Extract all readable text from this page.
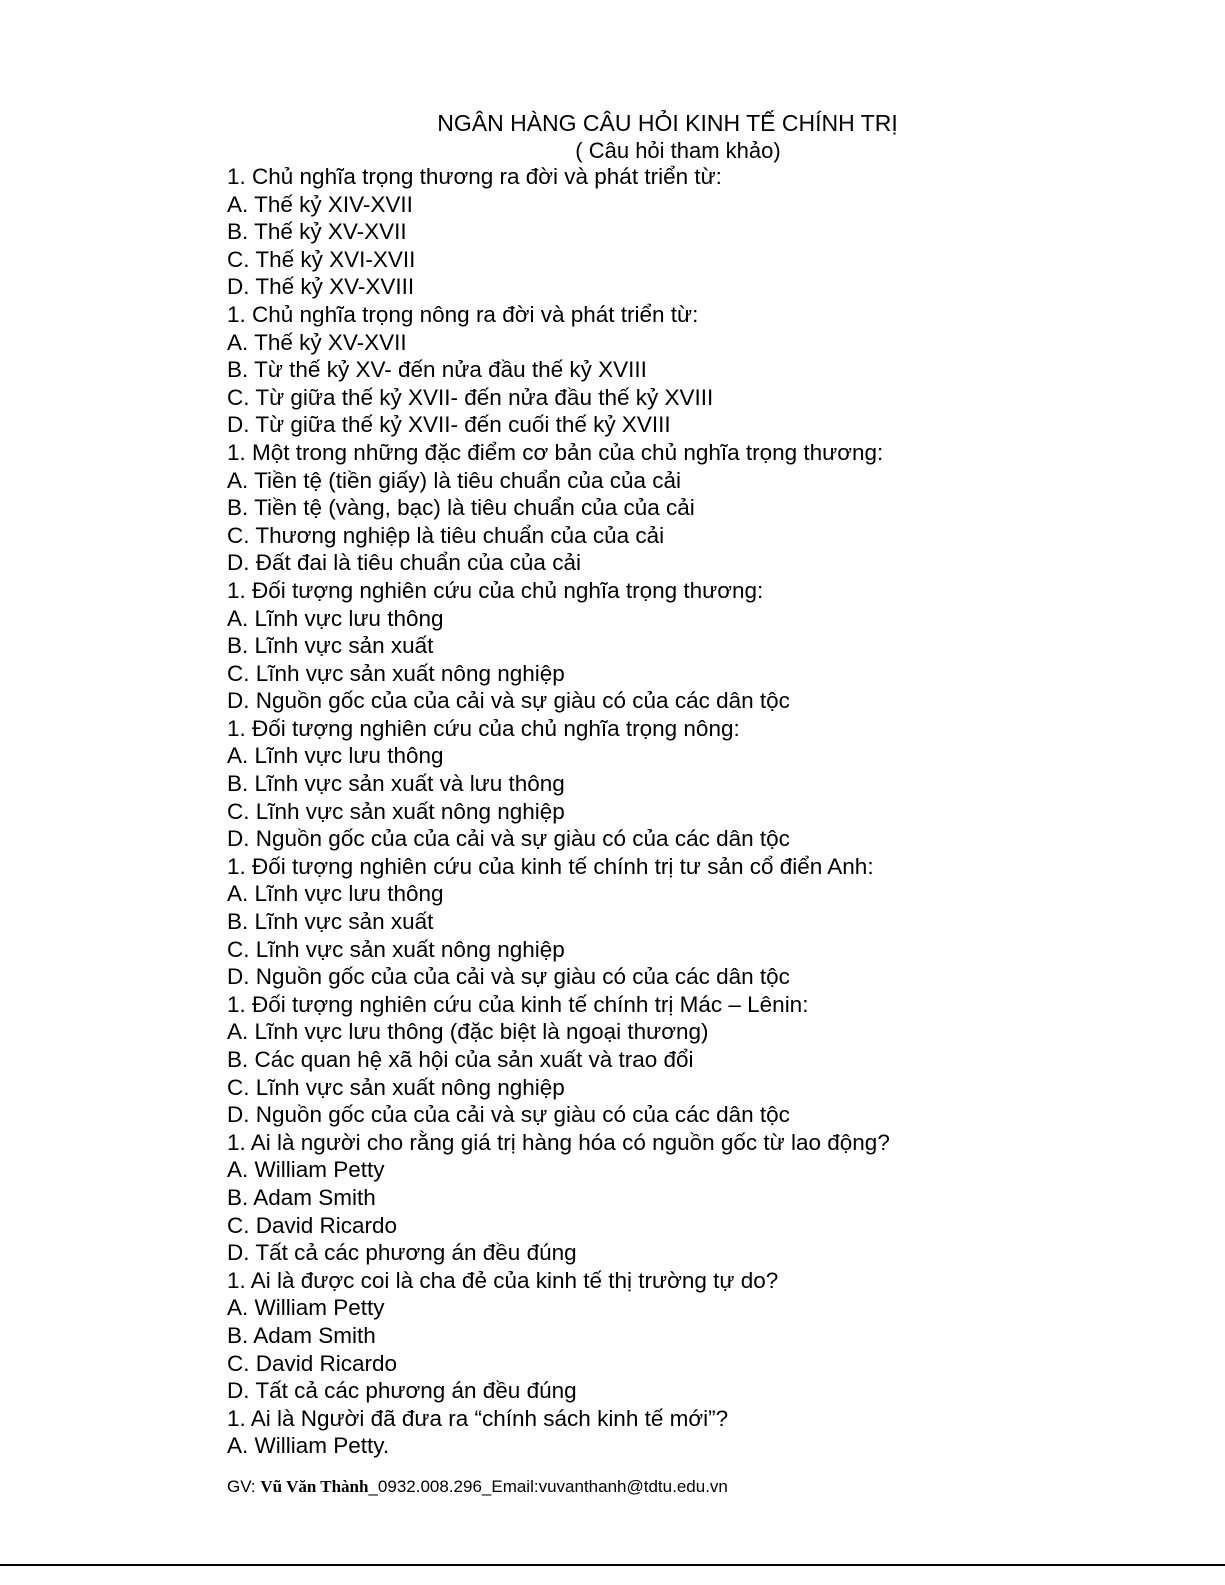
NGÂN HÀNG CÂU HỎI KINH TẾ CHÍNH TRỊ
( Câu hỏi tham khảo)
1. Chủ nghĩa trọng thương ra đời và phát triển từ:
A. Thế kỷ XIV-XVII
B. Thế kỷ XV-XVII
C. Thế kỷ XVI-XVII
D. Thế kỷ XV-XVIII
1. Chủ nghĩa trọng nông ra đời và phát triển từ:
A. Thế kỷ XV-XVII
B. Từ thế kỷ XV- đến nửa đầu thế kỷ XVIII
C. Từ giữa thế kỷ XVII- đến nửa đầu thế kỷ XVIII
D. Từ giữa thế kỷ XVII- đến cuối thế kỷ XVIII
1. Một trong những đặc điểm cơ bản của chủ nghĩa trọng thương:
A. Tiền tệ (tiền giấy) là tiêu chuẩn của của cải
B. Tiền tệ (vàng, bạc) là tiêu chuẩn của của cải
C. Thương nghiệp là tiêu chuẩn của của cải
D. Đất đai là tiêu chuẩn của của cải
1. Đối tượng nghiên cứu của chủ nghĩa trọng thương:
A. Lĩnh vực lưu thông
B. Lĩnh vực sản xuất
C. Lĩnh vực sản xuất nông nghiệp
D. Nguồn gốc của của cải và sự giàu có của các dân tộc
1. Đối tượng nghiên cứu của chủ nghĩa trọng nông:
A. Lĩnh vực lưu thông
B. Lĩnh vực sản xuất và lưu thông
C. Lĩnh vực sản xuất nông nghiệp
D. Nguồn gốc của của cải và sự giàu có của các dân tộc
1. Đối tượng nghiên cứu của kinh tế chính trị tư sản cổ điển Anh:
A. Lĩnh vực lưu thông
B. Lĩnh vực sản xuất
C. Lĩnh vực sản xuất nông nghiệp
D. Nguồn gốc của của cải và sự giàu có của các dân tộc
1. Đối tượng nghiên cứu của kinh tế chính trị Mác – Lênin:
A. Lĩnh vực lưu thông (đặc biệt là ngoại thương)
B. Các quan hệ xã hội của sản xuất và trao đổi
C. Lĩnh vực sản xuất nông nghiệp
D. Nguồn gốc của của cải và sự giàu có của các dân tộc
1. Ai là người cho rằng giá trị hàng hóa có nguồn gốc từ lao động?
A. William Petty
B. Adam Smith
C. David Ricardo
D. Tất cả các phương án đều đúng
1. Ai là được coi là cha đẻ của kinh tế thị trường tự do?
A. William Petty
B. Adam Smith
C. David Ricardo
D. Tất cả các phương án đều đúng
1. Ai là Người đã đưa ra “chính sách kinh tế mới”?
A. William Petty.
GV: Vũ Văn Thành_0932.008.296_Email:vuvanthanh@tdtu.edu.vn
